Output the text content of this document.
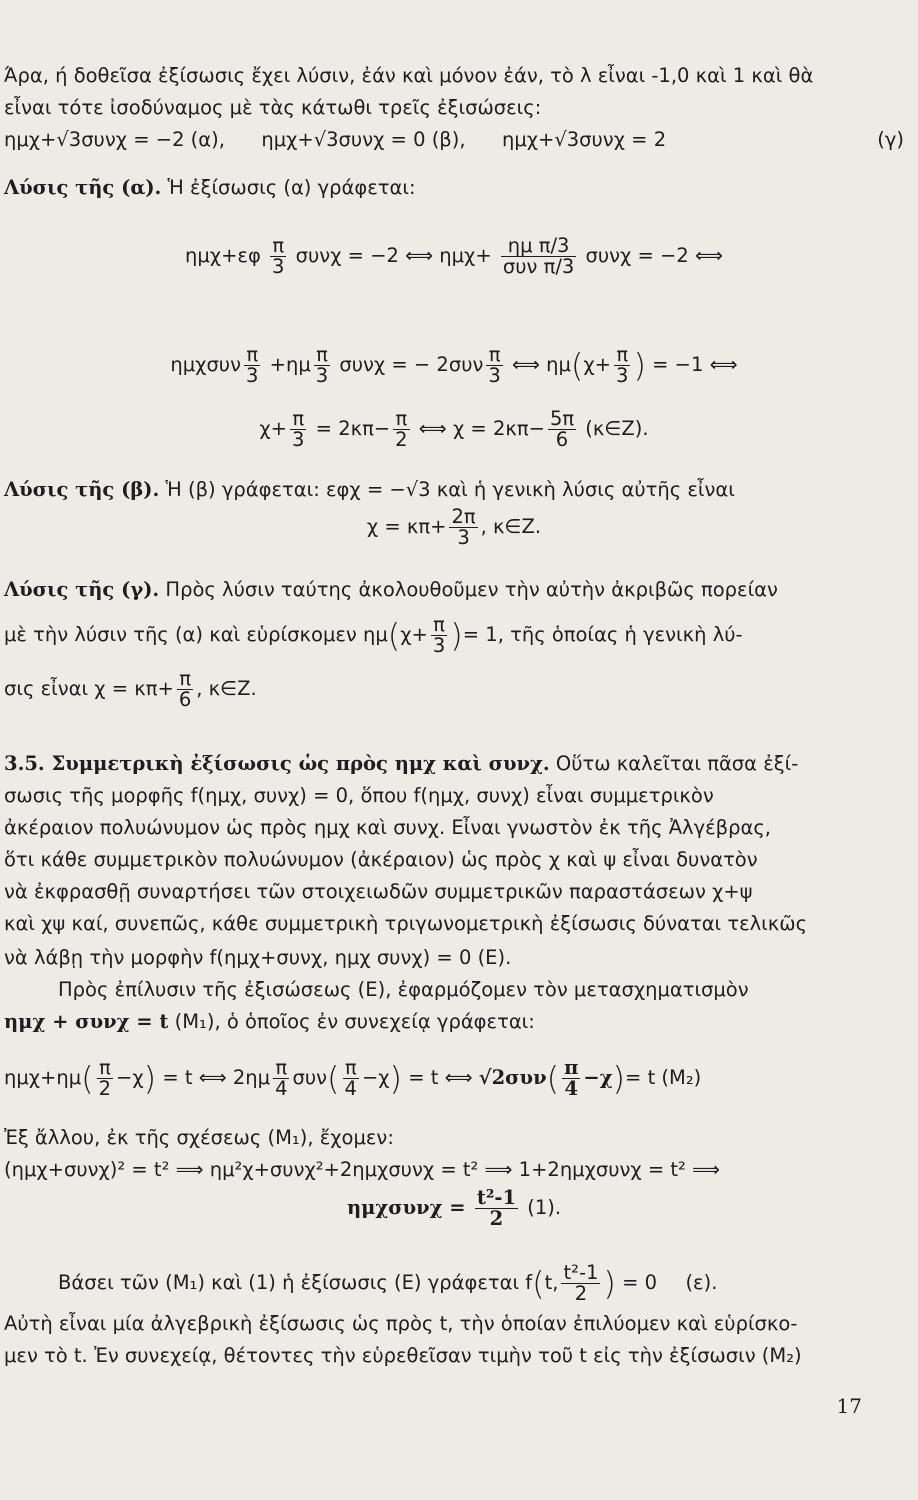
Άρα, ή δοθεῖσα ἐξίσωσις ἔχει λύσιν, ἐάν καὶ μόνον ἐάν, τὸ λ εἶναι -1,0 καὶ 1 καὶ θὰ
εἶναι τότε ἰσοδύναμος μὲ τὰς κάτωθι τρεῖς ἐξισώσεις:
ημχ+√3συνχ = −2 (α), ημχ+√3συνχ = 0 (β), ημχ+√3συνχ = 2	(γ)
Λύσις τῆς (α). Ἡ ἐξίσωσις (α) γράφεται:
$\eta\mu\chi+\varepsilon\varphi \frac{\pi}{3}$ συνχ = −2 ⟺ $\eta\mu\chi+ \frac{\text{ημ π/3}}{\text{συν π/3}}$ συνχ = −2 ⟺
ημχσυν $\frac{\pi}{3} +\eta\mu \frac{\pi}{3}$ συνχ = − $2\sigma\upsilon\nu \frac{\pi}{3}$ ⟺ $\eta\mu(\chi+ \frac{\pi}{3}$ ) = −1 ⟺
$\chi+ \frac{\pi}{3} = 2\kappa\pi- \frac{\pi}{2}$ ⟺ $\chi = 2\kappa\pi- \frac{5\pi}{6}$ (κ∈Z).
Λύσις τῆς (β). Ἡ (β) γράφεται: εφχ = −√3 καὶ ἡ γενικὴ λύσις αὐτῆς εἶναι
$\chi = \kappa\pi+ \frac{2\pi}{3}$ , κ∈Z.
Λύσις τῆς (γ). Πρὸς λύσιν ταύτης ἀκολουθοῦμεν τὴν αὐτὴν ἀκριβῶς πορείαν
μὲ τὴν λύσιν τῆς (α) καὶ εὑρίσκομεν $\eta\mu(\chi+ \frac{\pi}{3}$ )= 1, τῆς ὁποίας ἡ γενικὴ λύ-
σις εἶναι $\chi = \kappa\pi+ \frac{\pi}{6}$ , κ∈Z.
3.5. Συμμετρικὴ ἐξίσωσις ὡς πρὸς ημχ καὶ συνχ. Οὕτω καλεῖται πᾶσα ἐξί-
σωσις τῆς μορφῆς f(ημχ, συνχ) = 0, ὅπου f(ημχ, συνχ) εἶναι συμμετρικὸν
ἀκέραιον πολυώνυμον ὡς πρὸς ημχ καὶ συνχ. Εἶναι γνωστὸν ἐκ τῆς Ἀλγέβρας,
ὅτι κάθε συμμετρικὸν πολυώνυμον (ἀκέραιον) ὡς πρὸς χ καὶ ψ εἶναι δυνατὸν
νὰ ἐκφρασθῇ συναρτήσει τῶν στοιχειωδῶν συμμετρικῶν παραστάσεων χ+ψ
καὶ χψ καί, συνεπῶς, κάθε συμμετρικὴ τριγωνομετρικὴ ἐξίσωσις δύναται τελικῶς
νὰ λάβῃ τὴν μορφὴν f(ημχ+συνχ, ημχ συνχ) = 0 (Ε).
Πρὸς ἐπίλυσιν τῆς ἐξισώσεως (Ε), ἐφαρμόζομεν τὸν μετασχηματισμὸν
ημχ + συνχ = t (M₁), ὁ ὁποῖος ἐν συνεχείᾳ γράφεται:
$\eta\mu\chi+\eta\mu( \frac{\pi}{2} -\chi) = t$ ⟺ $2\eta\mu \frac{\pi}{4} \sigma\upsilon\nu( \frac{\pi}{4} -\chi) = t$ ⟺ $√2\sigma\upsilon\nu( \frac{\pi}{4} -\chi)= t$ (M₂)
Ἐξ ἄλλου, ἐκ τῆς σχέσεως (M₁), ἔχομεν:
(ημχ+συνχ)² = t² ⟹ ημ²χ+συνχ²+2ημχσυνχ = t² ⟹ 1+2ημχσυνχ = t² ⟹
$\eta\mu\chi\sigma\upsilon\nu\chi = \frac{\text{t²-1}}{2} (1)$.
Βάσει τῶν (M₁) καὶ (1) ἡ ἐξίσωσις (Ε) γράφεται f(t, $\frac{\text{t²-1}}{2}$ ) = 0 (ε).
Αὐτὴ εἶναι μία ἀλγεβρικὴ ἐξίσωσις ὡς πρὸς t, τὴν ὁποίαν ἐπιλύομεν καὶ εὑρίσκο-
μεν τὸ t. Ἐν συνεχείᾳ, θέτοντες τὴν εὑρεθεῖσαν τιμὴν τοῦ t εἰς τὴν ἐξίσωσιν (M₂)
17
